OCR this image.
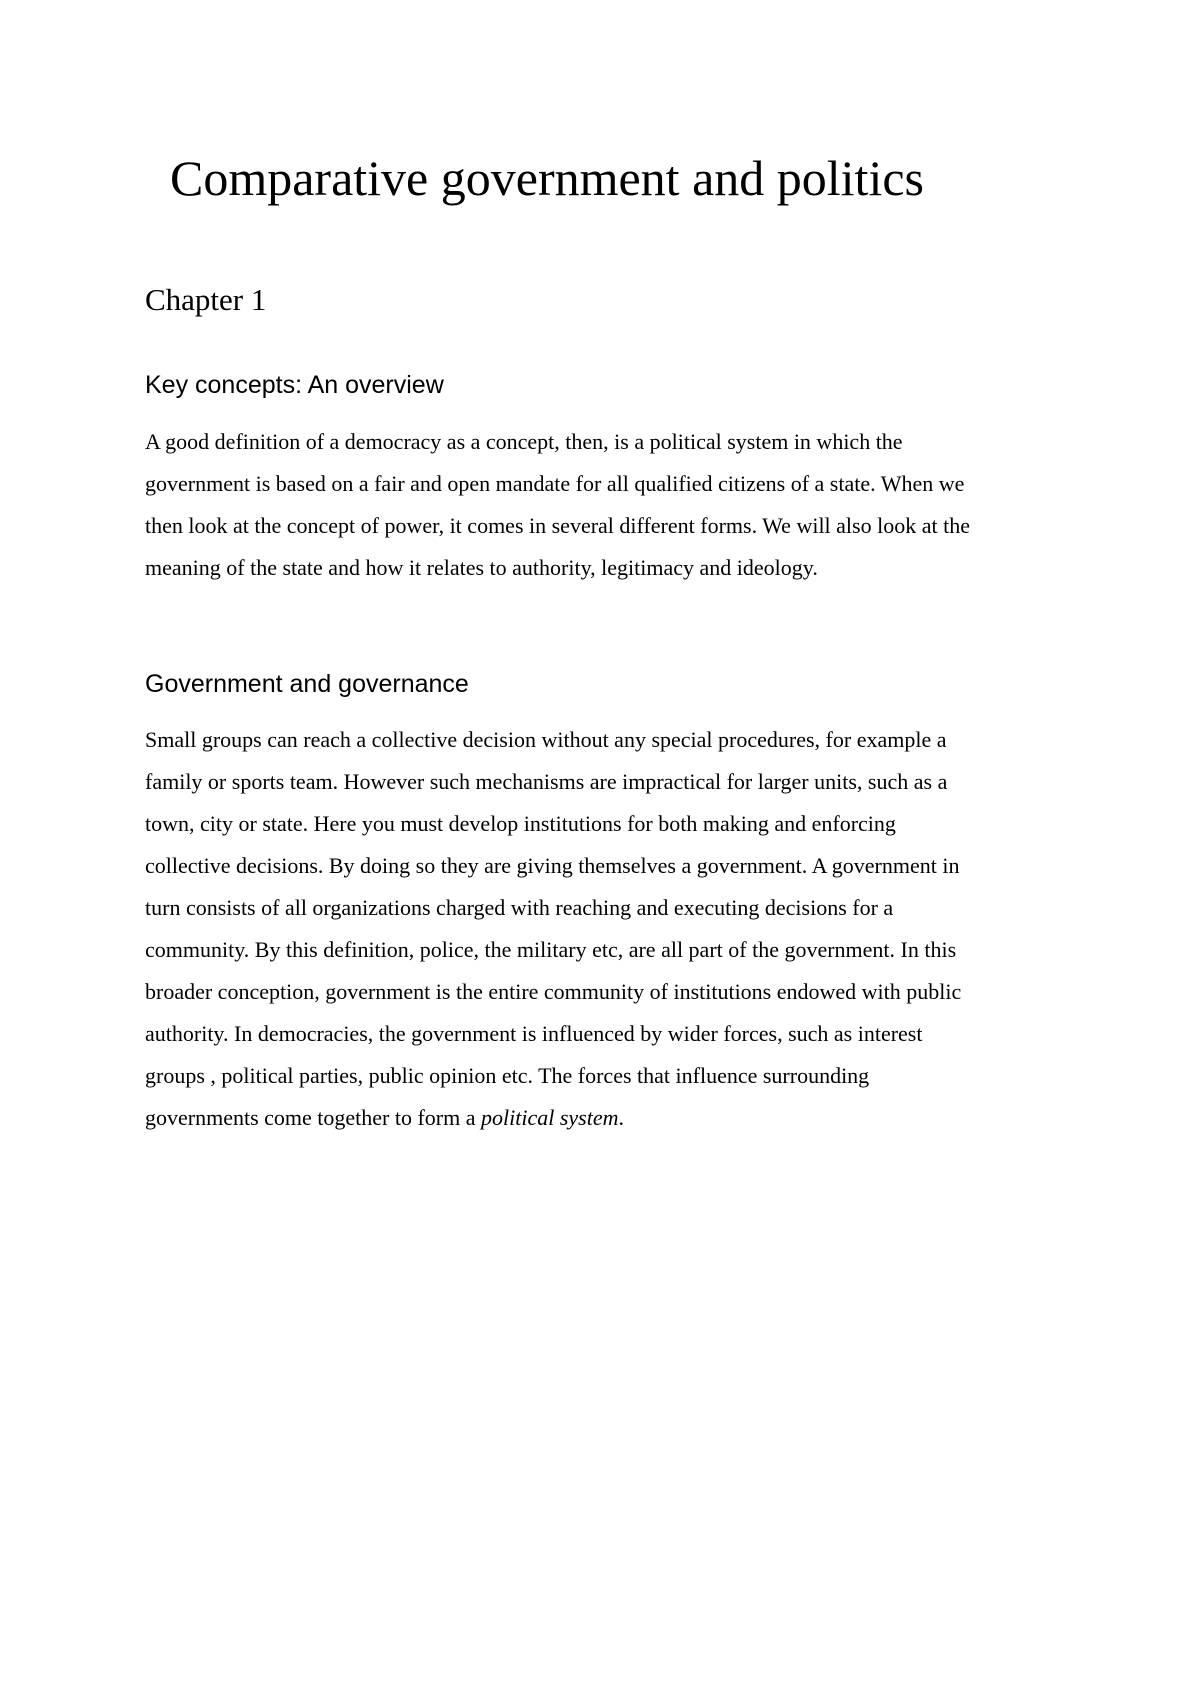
Comparative government and politics
Chapter 1
Key concepts: An overview

A good definition of a democracy as a concept, then, is a political system in which the
government is based on a fair and open mandate for all qualified citizens of a state. When we
then look at the concept of power, it comes in several different forms. We will also look at the
meaning of the state and how it relates to authority, legitimacy and ideology.

Government and governance

Small groups can reach a collective decision without any special procedures, for example a
family or sports team. However such mechanisms are impractical for larger units, such as a
town, city or state. Here you must develop institutions for both making and enforcing
collective decisions. By doing so they are giving themselves a government. A government in
turn consists of all organizations charged with reaching and executing decisions for a
community. By this definition, police, the military etc, are all part of the government. In this
broader conception, government is the entire community of institutions endowed with public
authority. In democracies, the government is influenced by wider forces, such as interest
groups , political parties, public opinion etc. The forces that influence surrounding
governments come together to form a political system.
